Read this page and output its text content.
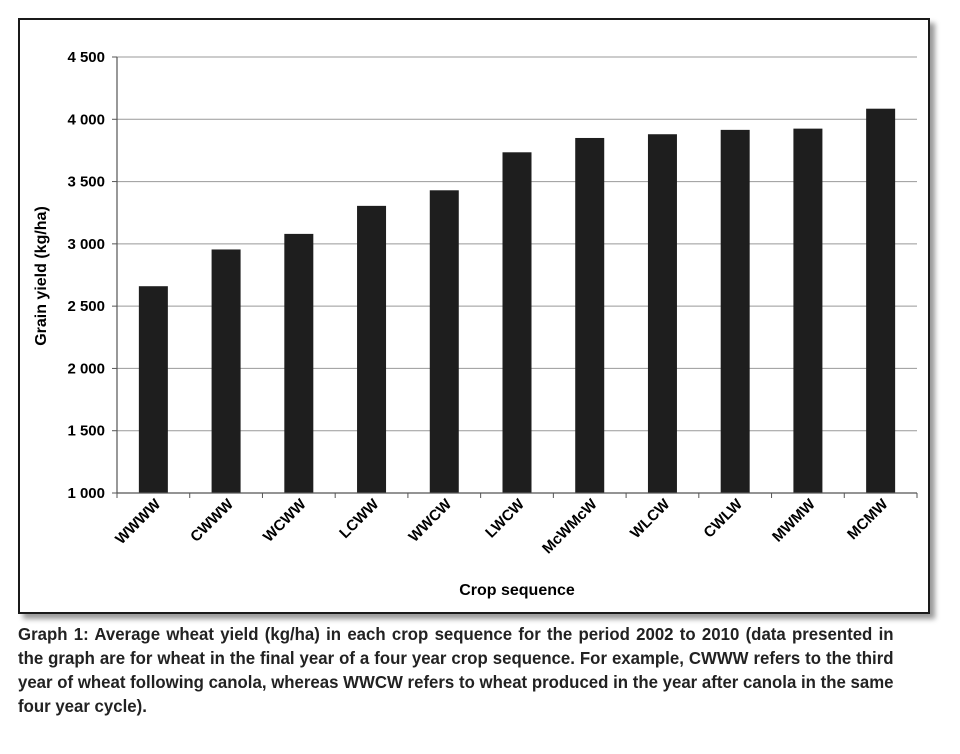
1 000
1 500
2 000
2 500
3 000
3 500
4 000
4 500
WWWW CWWW WCWW LCWW WWCW LWCW McWMcW WLCW CWLW MWMW MCMW
Grain yield (kg/ha)
Crop sequence

Graph 1: Average wheat yield (kg/ha) in each crop sequence for the period 2002 to 2010 (data presented in the graph are for wheat in the final year of a four year crop sequence. For example, CWWW refers to the third year of wheat following canola, whereas WWCW refers to wheat produced in the year after canola in the same four year cycle).
